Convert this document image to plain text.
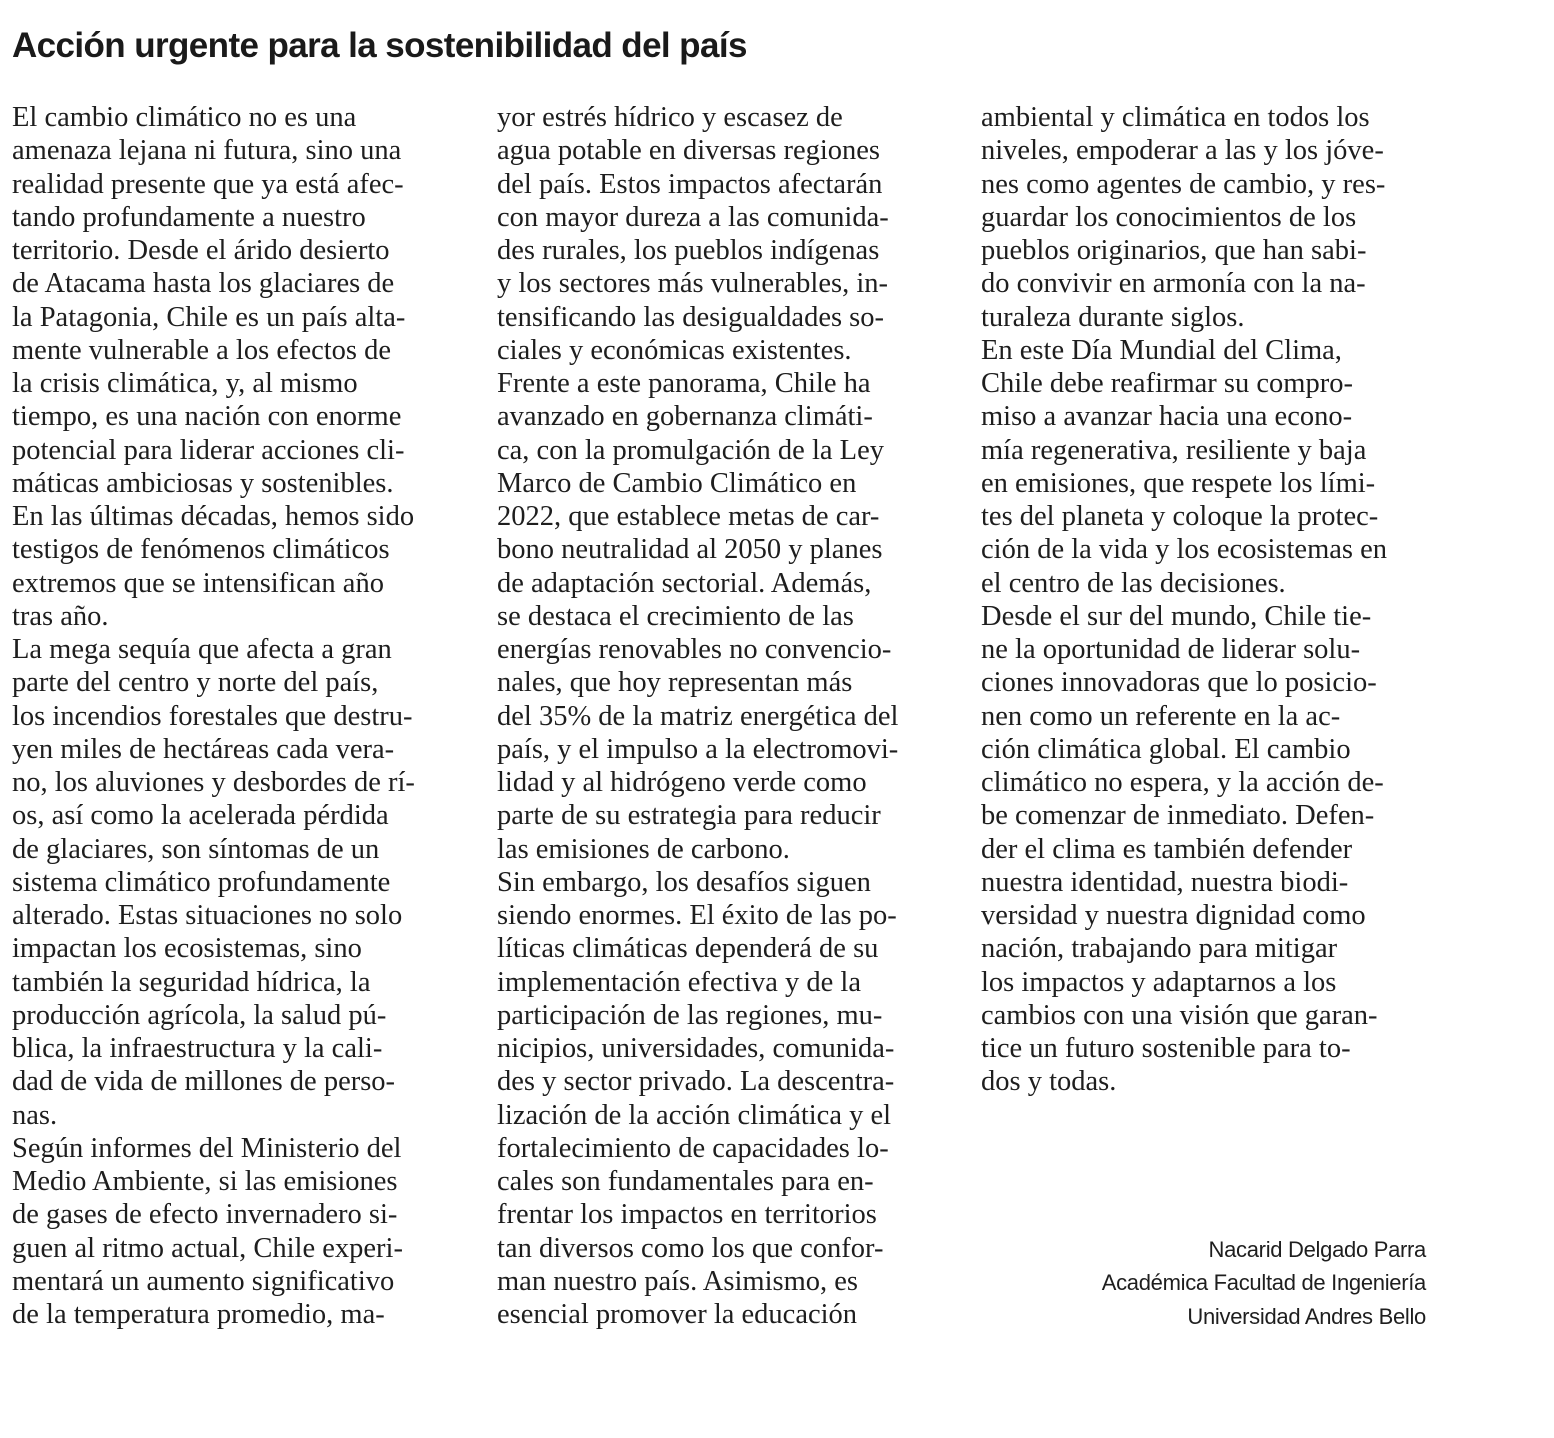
Acción urgente para la sostenibilidad del país
El cambio climático no es una
amenaza lejana ni futura, sino una
realidad presente que ya está afec-
tando profundamente a nuestro
territorio. Desde el árido desierto
de Atacama hasta los glaciares de
la Patagonia, Chile es un país alta-
mente vulnerable a los efectos de
la crisis climática, y, al mismo
tiempo, es una nación con enorme
potencial para liderar acciones cli-
máticas ambiciosas y sostenibles.
En las últimas décadas, hemos sido
testigos de fenómenos climáticos
extremos que se intensifican año
tras año.
La mega sequía que afecta a gran
parte del centro y norte del país,
los incendios forestales que destru-
yen miles de hectáreas cada vera-
no, los aluviones y desbordes de rí-
os, así como la acelerada pérdida
de glaciares, son síntomas de un
sistema climático profundamente
alterado. Estas situaciones no solo
impactan los ecosistemas, sino
también la seguridad hídrica, la
producción agrícola, la salud pú-
blica, la infraestructura y la cali-
dad de vida de millones de perso-
nas.
Según informes del Ministerio del
Medio Ambiente, si las emisiones
de gases de efecto invernadero si-
guen al ritmo actual, Chile experi-
mentará un aumento significativo
de la temperatura promedio, ma-
yor estrés hídrico y escasez de
agua potable en diversas regiones
del país. Estos impactos afectarán
con mayor dureza a las comunida-
des rurales, los pueblos indígenas
y los sectores más vulnerables, in-
tensificando las desigualdades so-
ciales y económicas existentes.
Frente a este panorama, Chile ha
avanzado en gobernanza climáti-
ca, con la promulgación de la Ley
Marco de Cambio Climático en
2022, que establece metas de car-
bono neutralidad al 2050 y planes
de adaptación sectorial. Además,
se destaca el crecimiento de las
energías renovables no convencio-
nales, que hoy representan más
del 35% de la matriz energética del
país, y el impulso a la electromovi-
lidad y al hidrógeno verde como
parte de su estrategia para reducir
las emisiones de carbono.
Sin embargo, los desafíos siguen
siendo enormes. El éxito de las po-
líticas climáticas dependerá de su
implementación efectiva y de la
participación de las regiones, mu-
nicipios, universidades, comunida-
des y sector privado. La descentra-
lización de la acción climática y el
fortalecimiento de capacidades lo-
cales son fundamentales para en-
frentar los impactos en territorios
tan diversos como los que confor-
man nuestro país. Asimismo, es
esencial promover la educación
ambiental y climática en todos los
niveles, empoderar a las y los jóve-
nes como agentes de cambio, y res-
guardar los conocimientos de los
pueblos originarios, que han sabi-
do convivir en armonía con la na-
turaleza durante siglos.
En este Día Mundial del Clima,
Chile debe reafirmar su compro-
miso a avanzar hacia una econo-
mía regenerativa, resiliente y baja
en emisiones, que respete los lími-
tes del planeta y coloque la protec-
ción de la vida y los ecosistemas en
el centro de las decisiones.
Desde el sur del mundo, Chile tie-
ne la oportunidad de liderar solu-
ciones innovadoras que lo posicio-
nen como un referente en la ac-
ción climática global. El cambio
climático no espera, y la acción de-
be comenzar de inmediato. Defen-
der el clima es también defender
nuestra identidad, nuestra biodi-
versidad y nuestra dignidad como
nación, trabajando para mitigar
los impactos y adaptarnos a los
cambios con una visión que garan-
tice un futuro sostenible para to-
dos y todas.
Nacarid Delgado Parra
Académica Facultad de Ingeniería
Universidad Andres Bello
